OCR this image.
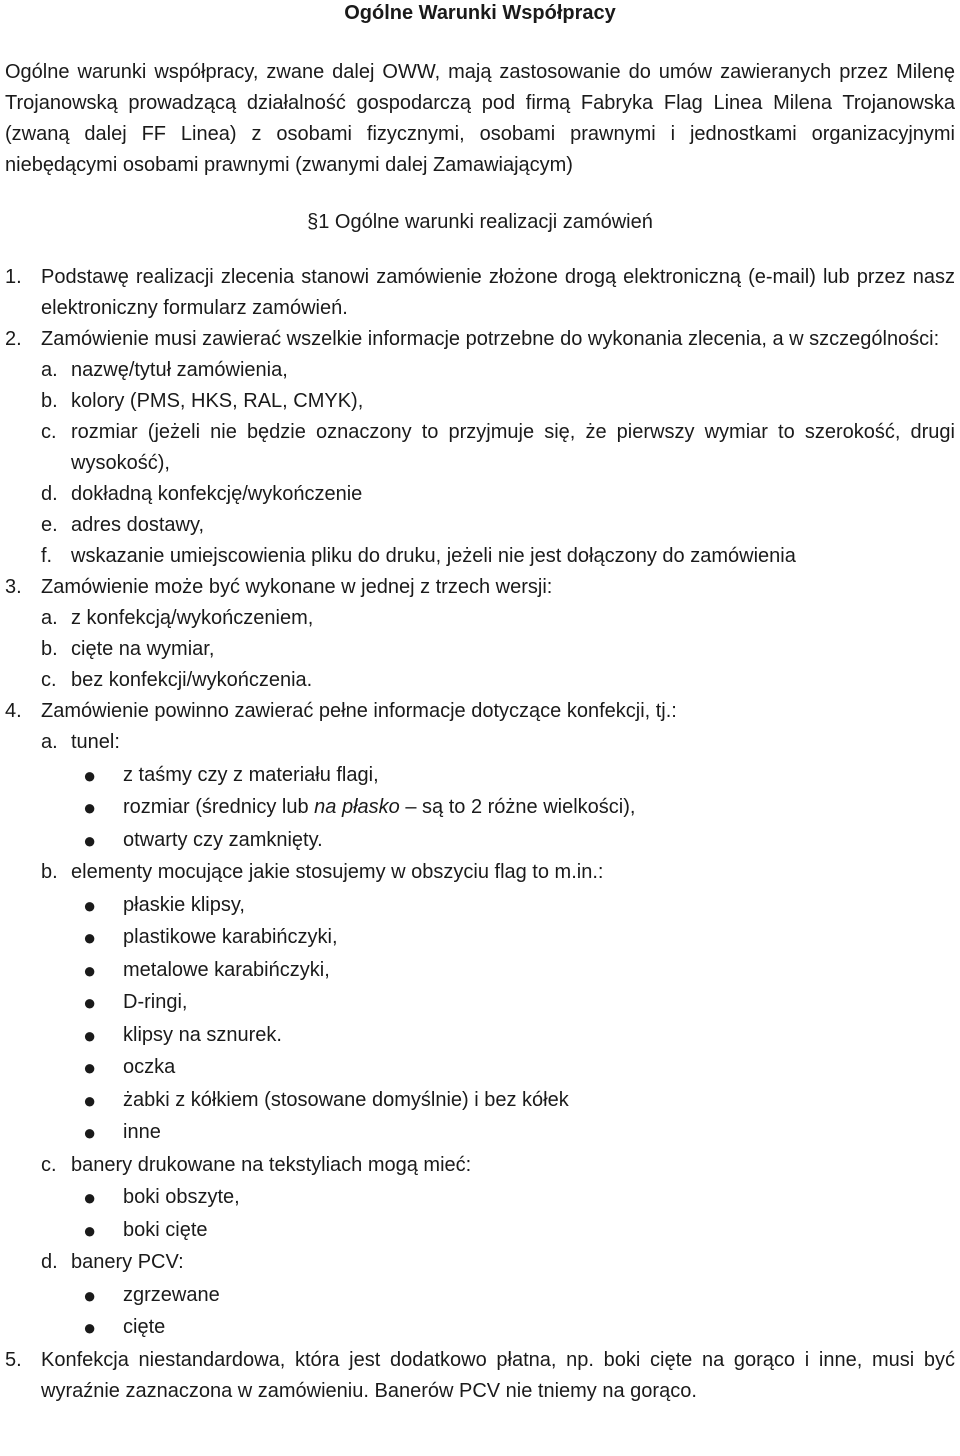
Ogólne Warunki Współpracy

Ogólne warunki współpracy, zwane dalej OWW, mają zastosowanie do umów zawieranych przez Milenę Trojanowską prowadzącą działalność gospodarczą pod firmą Fabryka Flag Linea Milena Trojanowska (zwaną dalej FF Linea) z osobami fizycznymi, osobami prawnymi i jednostkami organizacyjnymi niebędącymi osobami prawnymi (zwanymi dalej Zamawiającym)

§1 Ogólne warunki realizacji zamówień
1. Podstawę realizacji zlecenia stanowi zamówienie złożone drogą elektroniczną (e-mail) lub przez nasz elektroniczny formularz zamówień.
2. Zamówienie musi zawierać wszelkie informacje potrzebne do wykonania zlecenia, a w szczególności:
a. nazwę/tytuł zamówienia,
b. kolory (PMS, HKS, RAL, CMYK),
c. rozmiar (jeżeli nie będzie oznaczony to przyjmuje się, że pierwszy wymiar to szerokość, drugi wysokość),
d. dokładną konfekcję/wykończenie
e. adres dostawy,
f. wskazanie umiejscowienia pliku do druku, jeżeli nie jest dołączony do zamówienia
3. Zamówienie może być wykonane w jednej z trzech wersji:
a. z konfekcją/wykończeniem,
b. cięte na wymiar,
c. bez konfekcji/wykończenia.
4. Zamówienie powinno zawierać pełne informacje dotyczące konfekcji, tj.:
a. tunel:
●	z taśmy czy z materiału flagi,
●	rozmiar (średnicy lub na płasko – są to 2 różne wielkości),
●	otwarty czy zamknięty.
b. elementy mocujące jakie stosujemy w obszyciu flag to m.in.:
●	płaskie klipsy,
●	plastikowe karabińczyki,
●	metalowe karabińczyki,
●	D-ringi,
●	klipsy na sznurek.
●	oczka
●	żabki z kółkiem (stosowane domyślnie) i bez kółek
●	inne
c. banery drukowane na tekstyliach mogą mieć:
●	boki obszyte,
●	boki cięte
d. banery PCV:
●	zgrzewane
●	cięte
5. Konfekcja niestandardowa, która jest dodatkowo płatna, np. boki cięte na gorąco i inne, musi być wyraźnie zaznaczona w zamówieniu. Banerów PCV nie tniemy na gorąco.
